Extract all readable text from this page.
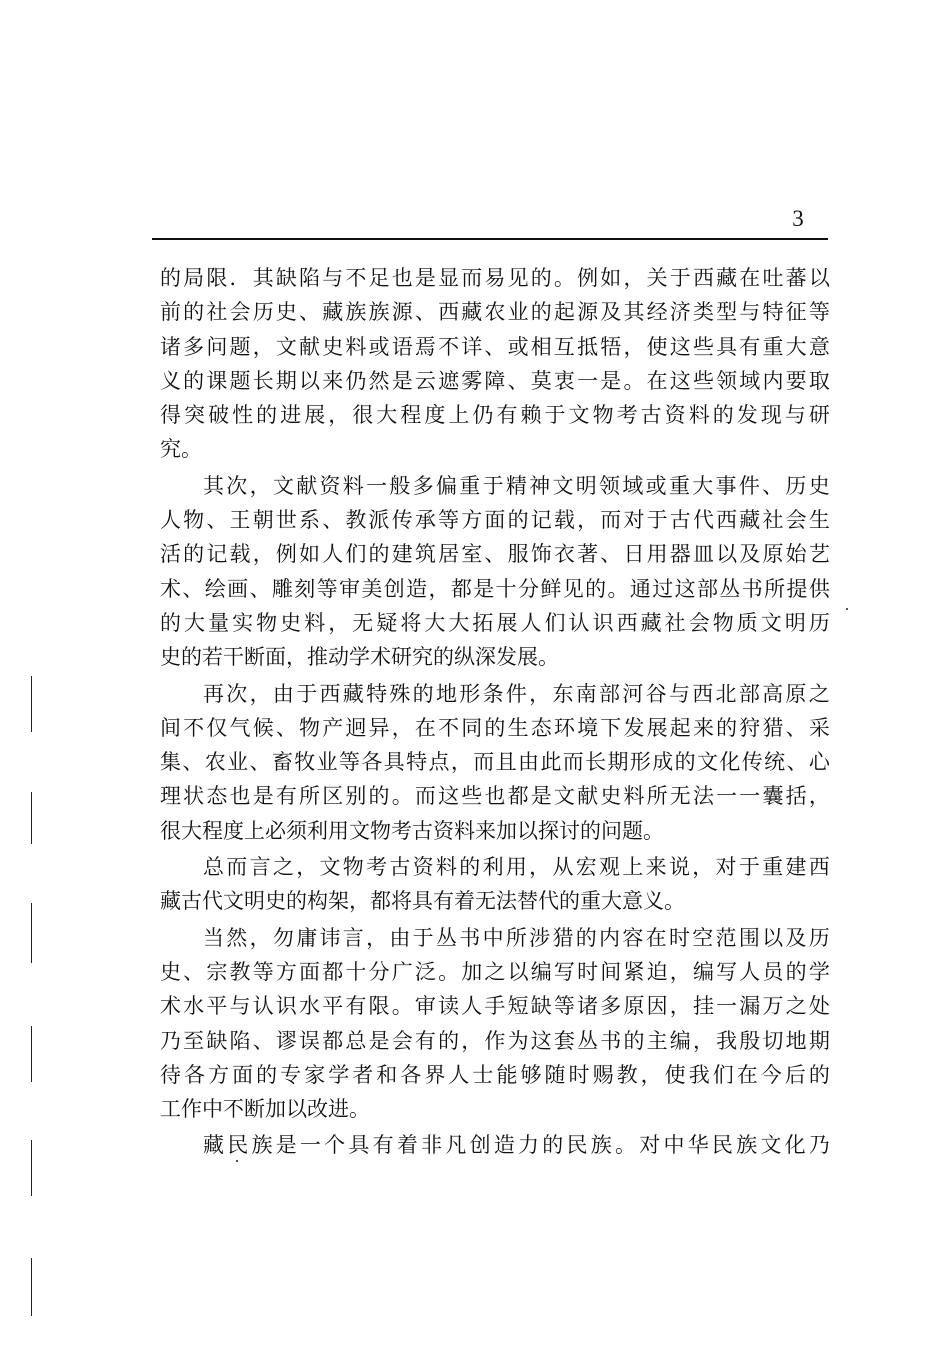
3
的 局 限 ． 其 缺 陷 与 不 足 也 是 显 而 易 见 的 。 例 如 ， 关 于 西 藏 在 吐 蕃 以
前 的 社 会 历 史 、 藏 族 族 源 、 西 藏 农 业 的 起 源 及 其 经 济 类 型 与 特 征 等
诸 多 问 题 ， 文 献 史 料 或 语 焉 不 详 、 或 相 互 抵 牾 ， 使 这 些 具 有 重 大 意
义 的 课 题 长 期 以 来 仍 然 是 云 遮 雾 障 、 莫 衷 一 是 。 在 这 些 领 域 内 要 取
得 突 破 性 的 进 展 ， 很 大 程 度 上 仍 有 赖 于 文 物 考 古 资 料 的 发 现 与 研
究 。
其 次 ， 文 献 资 料 一 般 多 偏 重 于 精 神 文 明 领 域 或 重 大 事 件 、 历 史
人 物 、 王 朝 世 系 、 教 派 传 承 等 方 面 的 记 载 ， 而 对 于 古 代 西 藏 社 会 生
活 的 记 载 ， 例 如 人 们 的 建 筑 居 室 、 服 饰 衣 著 、 日 用 器 皿 以 及 原 始 艺
术 、 绘 画 、 雕 刻 等 审 美 创 造 ， 都 是 十 分 鲜 见 的 。 通 过 这 部 丛 书 所 提 供
的 大 量 实 物 史 料 ， 无 疑 将 大 大 拓 展 人 们 认 识 西 藏 社 会 物 质 文 明 历
史 的 若 干 断 面 ， 推 动 学 术 研 究 的 纵 深 发 展 。
再 次 ， 由 于 西 藏 特 殊 的 地 形 条 件 ， 东 南 部 河 谷 与 西 北 部 高 原 之
间 不 仅 气 候 、 物 产 迥 异 ， 在 不 同 的 生 态 环 境 下 发 展 起 来 的 狩 猎 、 采
集 、 农 业 、 畜 牧 业 等 各 具 特 点 ， 而 且 由 此 而 长 期 形 成 的 文 化 传 统 、 心
理 状 态 也 是 有 所 区 别 的 。 而 这 些 也 都 是 文 献 史 料 所 无 法 一 一 囊 括 ，
很 大 程 度 上 必 须 利 用 文 物 考 古 资 料 来 加 以 探 讨 的 问 题 。
总 而 言 之 ， 文 物 考 古 资 料 的 利 用 ， 从 宏 观 上 来 说 ， 对 于 重 建 西
藏 古 代 文 明 史 的 构 架 ， 都 将 具 有 着 无 法 替 代 的 重 大 意 义 。
当 然 ， 勿 庸 讳 言 ， 由 于 丛 书 中 所 涉 猎 的 内 容 在 时 空 范 围 以 及 历
史 、 宗 教 等 方 面 都 十 分 广 泛 。 加 之 以 编 写 时 间 紧 迫 ， 编 写 人 员 的 学
术 水 平 与 认 识 水 平 有 限 。 审 读 人 手 短 缺 等 诸 多 原 因 ， 挂 一 漏 万 之 处
乃 至 缺 陷 、 谬 误 都 总 是 会 有 的 ， 作 为 这 套 丛 书 的 主 编 ， 我 殷 切 地 期
待 各 方 面 的 专 家 学 者 和 各 界 人 士 能 够 随 时 赐 教 ， 使 我 们 在 今 后 的
工 作 中 不 断 加 以 改 进 。
藏 民 族 是 一 个 具 有 着 非 凡 创 造 力 的 民 族 。 对 中 华 民 族 文 化 乃
